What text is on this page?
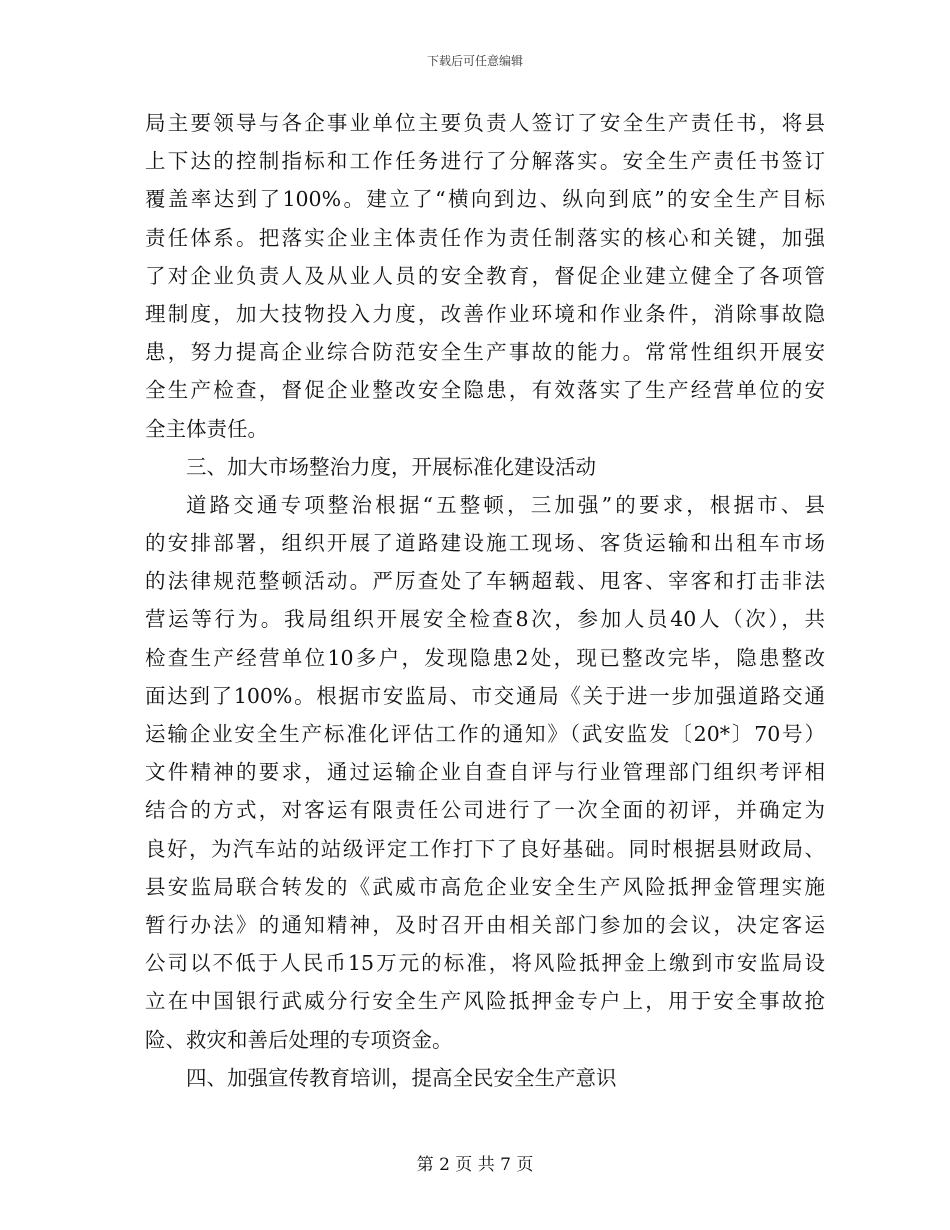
下载后可任意编辑
局主要领导与各企事业单位主要负责人签订了安全生产责任书，将县
上下达的控制指标和工作任务进行了分解落实。安全生产责任书签订
覆盖率达到了100%。建立了“横向到边、纵向到底”的安全生产目标
责任体系。把落实企业主体责任作为责任制落实的核心和关键，加强
了对企业负责人及从业人员的安全教育，督促企业建立健全了各项管
理制度，加大技物投入力度，改善作业环境和作业条件，消除事故隐
患，努力提高企业综合防范安全生产事故的能力。常常性组织开展安
全生产检查，督促企业整改安全隐患，有效落实了生产经营单位的安
全主体责任。
三、加大市场整治力度，开展标准化建设活动
道路交通专项整治根据“五整顿，三加强”的要求，根据市、县
的安排部署，组织开展了道路建设施工现场、客货运输和出租车市场
的法律规范整顿活动。严厉查处了车辆超载、甩客、宰客和打击非法
营运等行为。我局组织开展安全检查8次，参加人员40人（次），共
检查生产经营单位10多户，发现隐患2处，现已整改完毕，隐患整改
面达到了100%。根据市安监局、市交通局《关于进一步加强道路交通
运输企业安全生产标准化评估工作的通知》（武安监发〔20*〕70号）
文件精神的要求，通过运输企业自查自评与行业管理部门组织考评相
结合的方式，对客运有限责任公司进行了一次全面的初评，并确定为
良好，为汽车站的站级评定工作打下了良好基础。同时根据县财政局、
县安监局联合转发的《武威市高危企业安全生产风险抵押金管理实施
暂行办法》的通知精神，及时召开由相关部门参加的会议，决定客运
公司以不低于人民币15万元的标准，将风险抵押金上缴到市安监局设
立在中国银行武威分行安全生产风险抵押金专户上，用于安全事故抢
险、救灾和善后处理的专项资金。
四、加强宣传教育培训，提高全民安全生产意识
第 2 页 共 7 页
